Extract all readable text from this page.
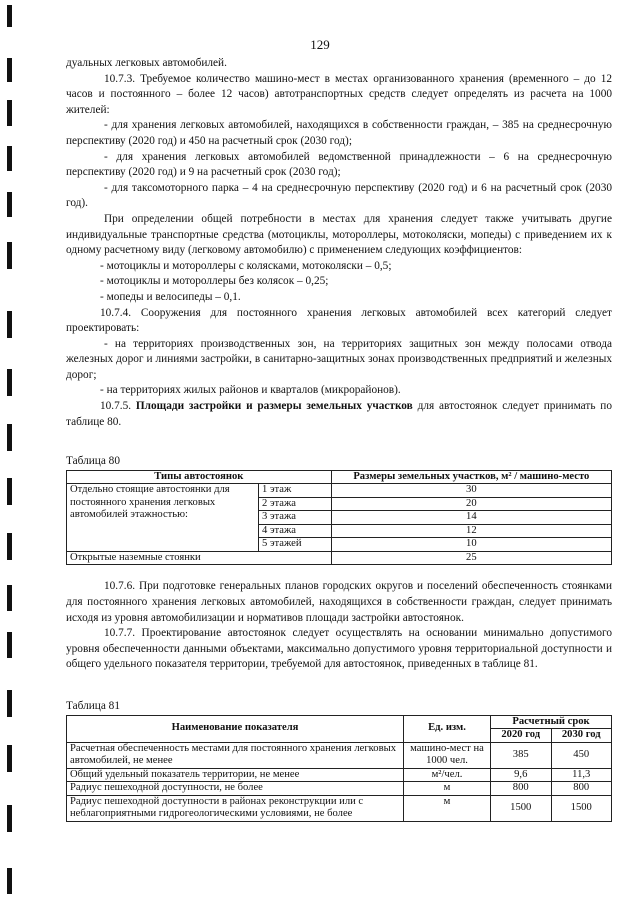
129

дуальных легковых автомобилей.

10.7.3. Требуемое количество машино-мест в местах организованного хранения (временного – до 12 часов и постоянного – более 12 часов) автотранспортных средств следует определять из расчета на 1000 жителей:

- для хранения легковых автомобилей, находящихся в собственности граждан, – 385 на среднесрочную перспективу (2020 год) и 450 на расчетный срок (2030 год);

- для хранения легковых автомобилей ведомственной принадлежности – 6 на среднесрочную перспективу (2020 год) и 9 на расчетный срок (2030 год);

- для таксомоторного парка – 4 на среднесрочную перспективу (2020 год) и 6 на расчетный срок (2030 год).

При определении общей потребности в местах для хранения следует также учитывать другие индивидуальные транспортные средства (мотоциклы, мотороллеры, мотоколяски, мопеды) с приведением их к одному расчетному виду (легковому автомобилю) с применением следующих коэффициентов:

- мотоциклы и мотороллеры с колясками, мотоколяски – 0,5;

- мотоциклы и мотороллеры без колясок – 0,25;

- мопеды и велосипеды – 0,1.

10.7.4. Сооружения для постоянного хранения легковых автомобилей всех категорий следует проектировать:

- на территориях производственных зон, на территориях защитных зон между полосами отвода железных дорог и линиями застройки, в санитарно-защитных зонах производственных предприятий и железных дорог;

- на территориях жилых районов и кварталов (микрорайонов).

10.7.5. Площади застройки и размеры земельных участков для автостоянок следует принимать по таблице 80.

Таблица 80

Типы автостоянок		Размеры земельных участков, м² / машино-место
Отдельно стоящие автостоянки для постоянного хранения легковых автомобилей этажностью:	1 этаж	30
	2 этажа	20
	3 этажа	14
	4 этажа	12
	5 этажей	10
Открытые наземные стоянки		25

10.7.6. При подготовке генеральных планов городских округов и поселений обеспеченность стоянками для постоянного хранения легковых автомобилей, находящихся в собственности граждан, следует принимать исходя из уровня автомобилизации и нормативов площади застройки автостоянок.

10.7.7. Проектирование автостоянок следует осуществлять на основании минимально допустимого уровня обеспеченности данными объектами, максимально допустимого уровня территориальной доступности и общего удельного показателя территории, требуемой для автостоянок, приведенных в таблице 81.

Таблица 81

Наименование показателя	Ед. изм.	Расчетный срок	
		2020 год	2030 год
Расчетная обеспеченность местами для постоянного хранения легковых автомобилей, не менее	машино-мест на 1000 чел.	385	450
Общий удельный показатель территории, не менее	м²/чел.	9,6	11,3
Радиус пешеходной доступности, не более	м	800	800
Радиус пешеходной доступности в районах реконструкции или с неблагоприятными гидрогеологическими условиями, не более	м	1500	1500
